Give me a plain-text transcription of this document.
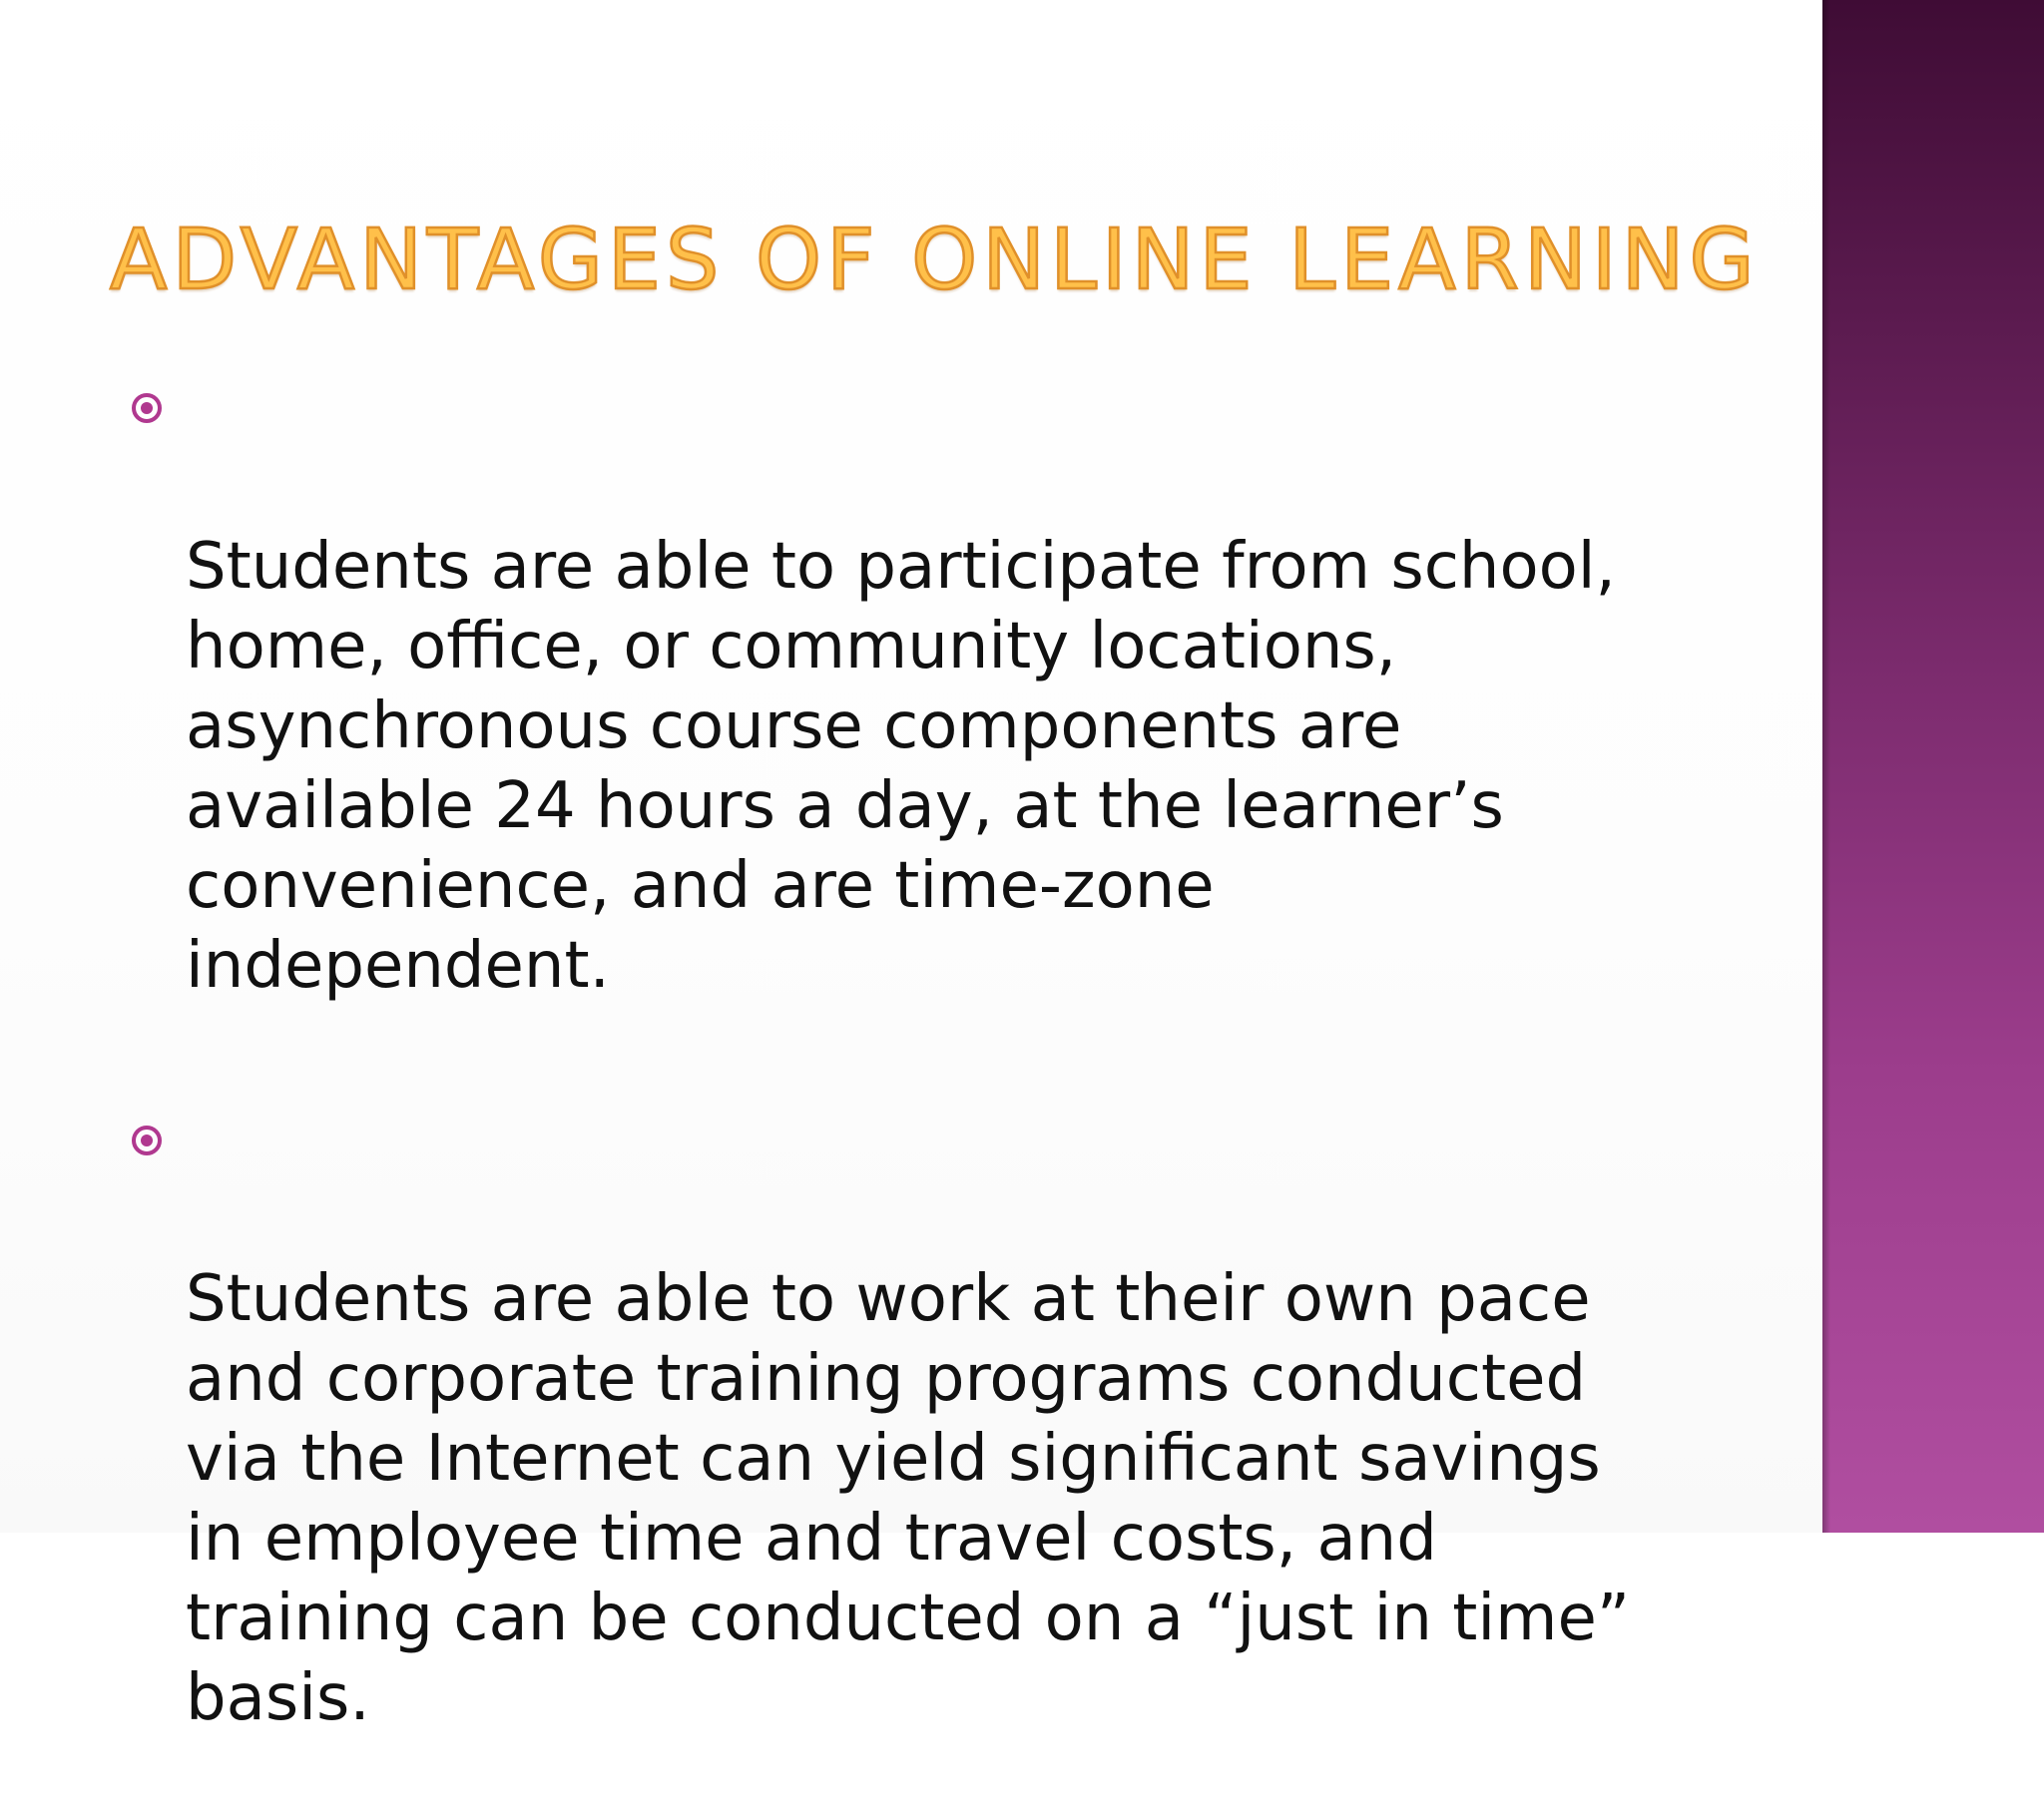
ADVANTAGES OF ONLINE LEARNING

Students are able to participate from school,
home, office, or community locations,
asynchronous course components are
available 24 hours a day, at the learner’s
convenience, and are time-zone
independent.

Students are able to work at their own pace
and corporate training programs conducted
via the Internet can yield significant savings
in employee time and travel costs, and
training can be conducted on a “just in time”
basis.
